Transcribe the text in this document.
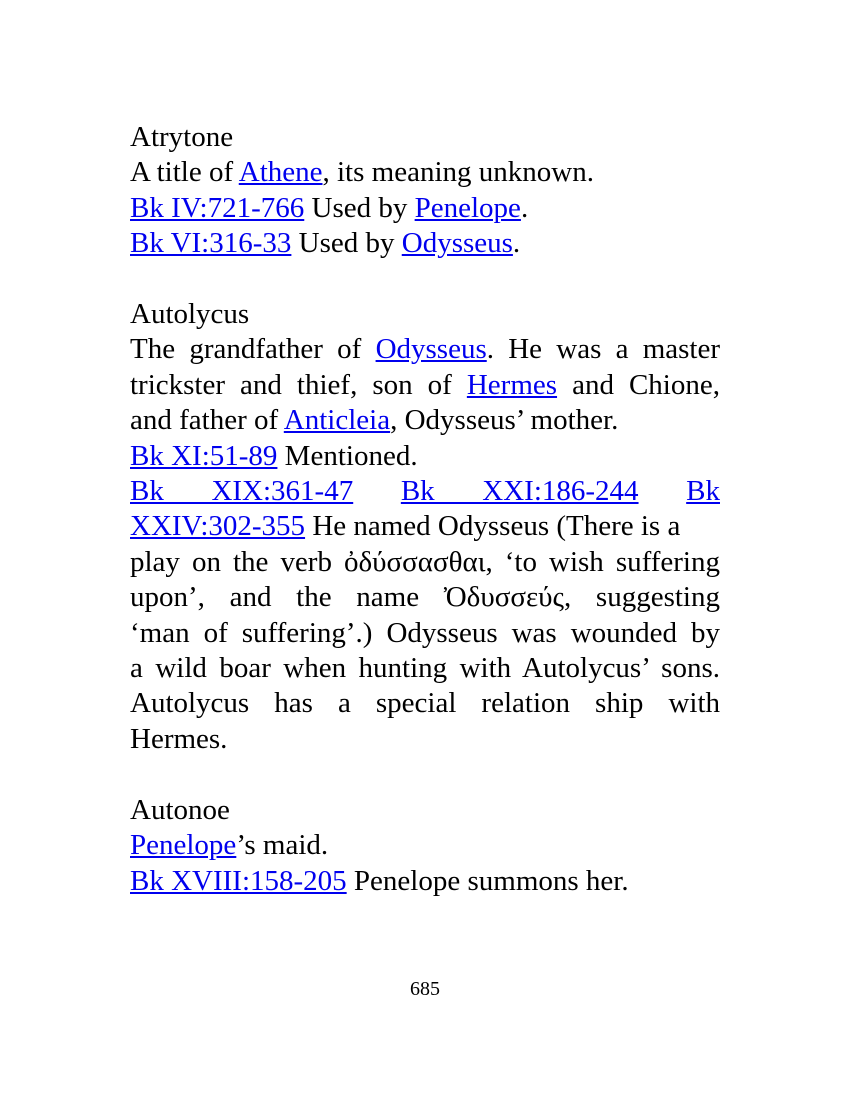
Atrytone
A title of Athene, its meaning unknown.
Bk IV:721-766 Used by Penelope.
Bk VI:316-33 Used by Odysseus.
Autolycus
The grandfather of Odysseus. He was a master
trickster and thief, son of Hermes and Chione,
and father of Anticleia, Odysseus’ mother.
Bk XI:51-89 Mentioned.
Bk XIX:361-47 Bk XXI:186-244 Bk
XXIV:302-355 He named Odysseus (There is a
play on the verb ὀδύσσασθαι, ‘to wish suffering
upon’, and the name Ὀδυσσεύς, suggesting
‘man of suffering’.) Odysseus was wounded by
a wild boar when hunting with Autolycus’ sons.
Autolycus has a special relation ship with
Hermes.
Autonoe
Penelope’s maid.
Bk XVIII:158-205 Penelope summons her.
685
